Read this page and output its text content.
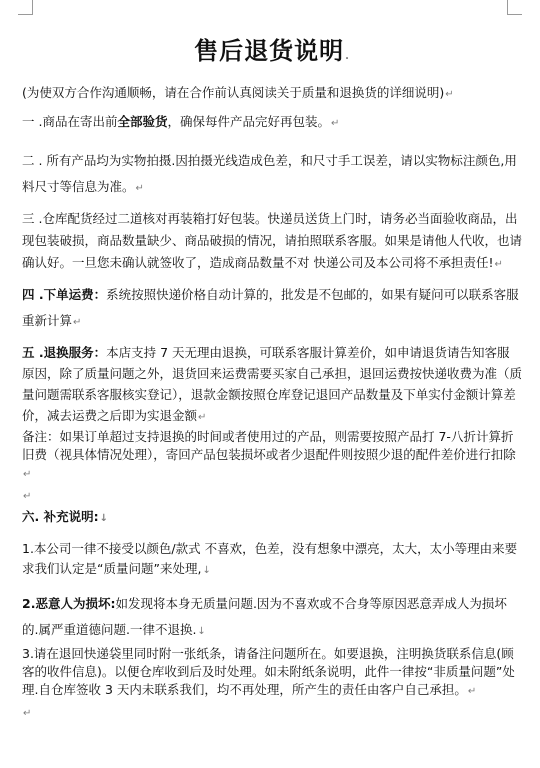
售后退货说明.

(为使双方合作沟通顺畅，请在合作前认真阅读关于质量和退换货的详细说明)↵

一 .商品在寄出前全部验货，确保每件产品完好再包装。↵

二 . 所有产品均为实物拍摄.因拍摄光线造成色差，和尺寸手工误差，请以实物标注颜色,用料尺寸等信息为准。↵

三 .仓库配货经过二道核对再装箱打好包装。快递员送货上门时，请务必当面验收商品，出现包装破损，商品数量缺少、商品破损的情况，请拍照联系客服。如果是请他人代收，也请确认好。一旦您未确认就签收了，造成商品数量不对 快递公司及本公司将不承担责任!↵

四 .下单运费：系统按照快递价格自动计算的，批发是不包邮的，如果有疑问可以联系客服重新计算↵

五 .退换服务：本店支持 7 天无理由退换，可联系客服计算差价，如申请退货请告知客服原因，除了质量问题之外，退货回来运费需要买家自己承担，退回运费按快递收费为准（质量问题需联系客服核实登记），退款金额按照仓库登记退回产品数量及下单实付金额计算差价，减去运费之后即为实退金额↵

备注：如果订单超过支持退换的时间或者使用过的产品，则需要按照产品打 7-八折计算折旧费（视具体情况处理），寄回产品包装损坏或者少退配件则按照少退的配件差价进行扣除↵

↵

六. 补充说明:↓

1.本公司一律不接受以颜色/款式 不喜欢，色差，没有想象中漂亮，太大，太小等理由来要求我们认定是“质量问题”来处理,↓

2.恶意人为损坏:如发现将本身无质量问题.因为不喜欢或不合身等原因恶意弄成人为损坏的.属严重道德问题.一律不退换.↓

3.请在退回快递袋里同时附一张纸条，请备注问题所在。如要退换，注明换货联系信息(顾客的收件信息)。以便仓库收到后及时处理。如未附纸条说明，此件一律按“非质量问题”处理.自仓库签收 3 天内未联系我们，均不再处理，所产生的责任由客户自己承担。↵

↵
